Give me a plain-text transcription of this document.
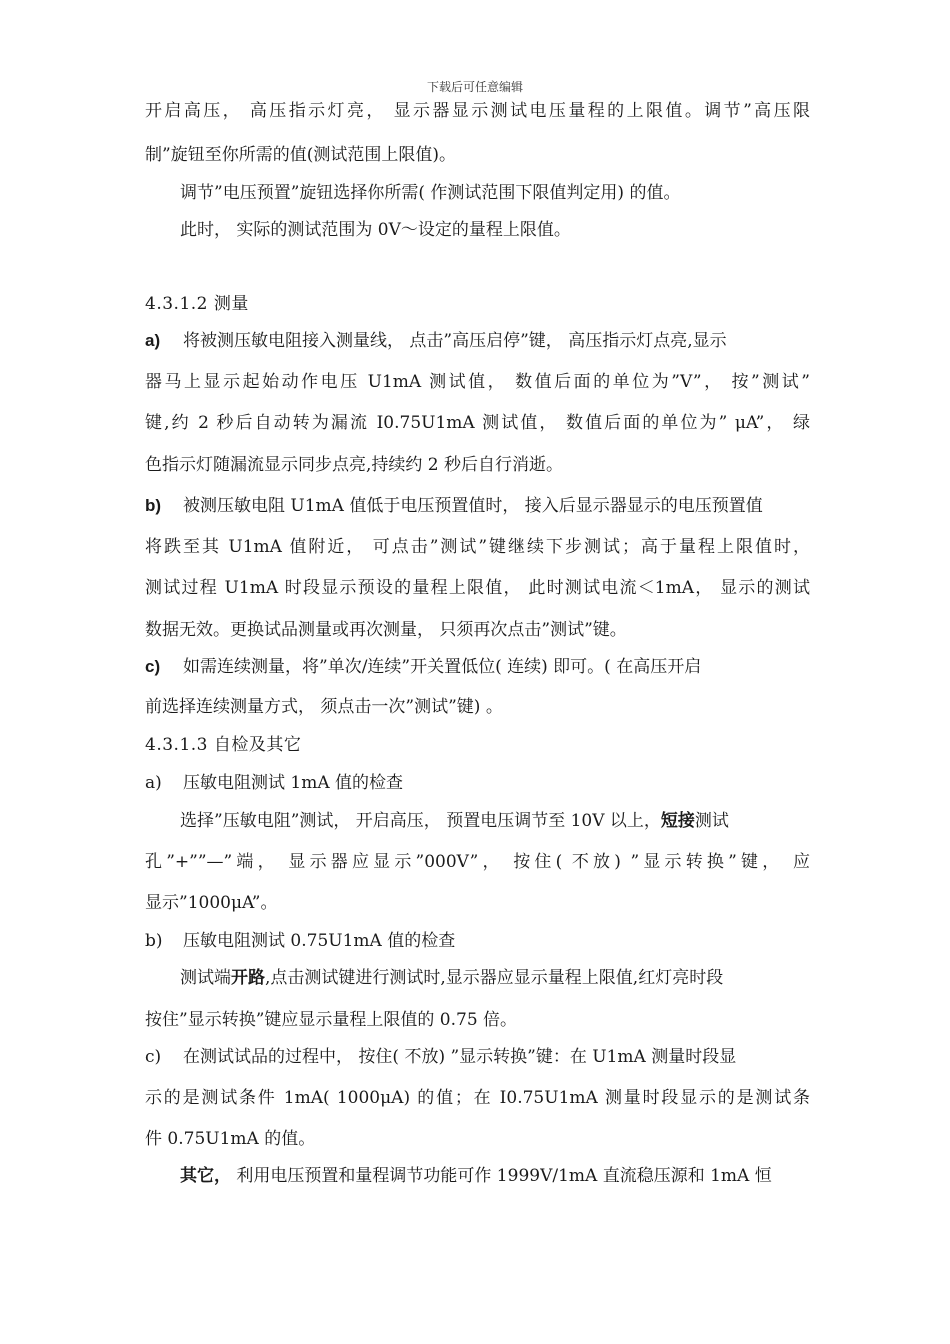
下载后可任意编辑
开启高压， 高压指示灯亮， 显示器显示测试电压量程的上限值。调节”高压限
制”旋钮至你所需的值(测试范围上限值)。
调节”电压预置”旋钮选择你所需( 作测试范围下限值判定用) 的值。
此时， 实际的测试范围为 0V～设定的量程上限值。
4.3.1.2 测量
a) 将被测压敏电阻接入测量线， 点击”高压启停”键， 高压指示灯点亮,显示
器马上显示起始动作电压 U1mA 测试值， 数值后面的单位为”V”， 按”测试”
键,约 2 秒后自动转为漏流 I0.75U1mA 测试值， 数值后面的单位为” μA”， 绿
色指示灯随漏流显示同步点亮,持续约 2 秒后自行消逝。
b) 被测压敏电阻 U1mA 值低于电压预置值时， 接入后显示器显示的电压预置值
将跌至其 U1mA 值附近， 可点击”测试”键继续下步测试；高于量程上限值时，
测试过程 U1mA 时段显示预设的量程上限值， 此时测试电流＜1mA， 显示的测试
数据无效。更换试品测量或再次测量， 只须再次点击”测试”键。
c) 如需连续测量，将”单次/连续”开关置低位( 连续) 即可。( 在高压开启
前选择连续测量方式， 须点击一次”测试”键) 。
4.3.1.3 自检及其它
a) 压敏电阻测试 1mA 值的检查
选择”压敏电阻”测试， 开启高压， 预置电压调节至 10V 以上，短接测试
孔”+””—”端， 显示器应显示”000V”， 按住( 不放) ”显示转换”键， 应
显示”1000μA”。
b) 压敏电阻测试 0.75U1mA 值的检查
测试端开路,点击测试键进行测试时,显示器应显示量程上限值,红灯亮时段
按住”显示转换”键应显示量程上限值的 0.75 倍。
c) 在测试试品的过程中， 按住( 不放) ”显示转换”键：在 U1mA 测量时段显
示的是测试条件 1mA( 1000μA) 的值；在 I0.75U1mA 测量时段显示的是测试条
件 0.75U1mA 的值。
其它， 利用电压预置和量程调节功能可作 1999V/1mA 直流稳压源和 1mA 恒
